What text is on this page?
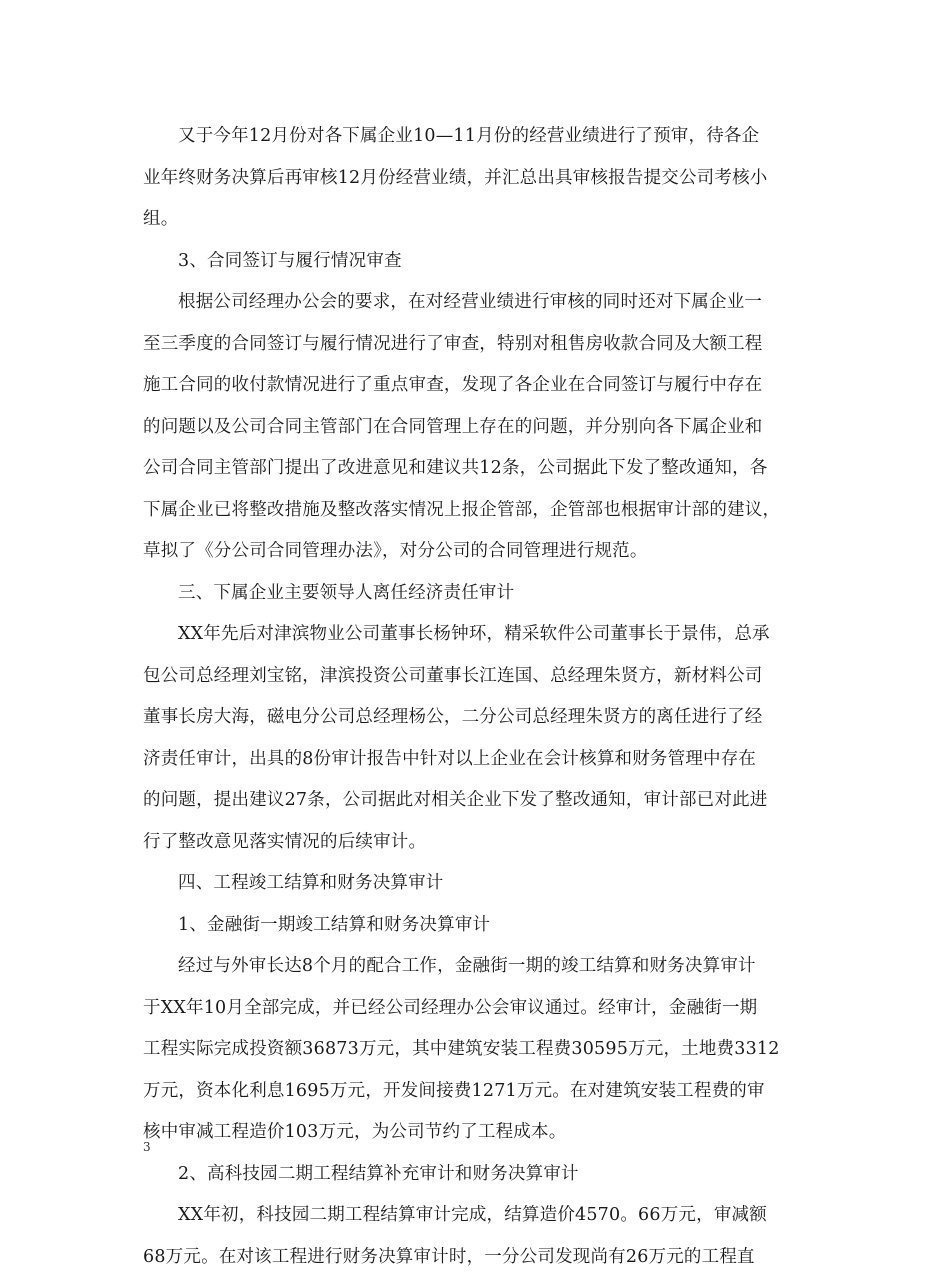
又于今年12月份对各下属企业10—11月份的经营业绩进行了预审，待各企
业年终财务决算后再审核12月份经营业绩，并汇总出具审核报告提交公司考核小
组。
3、合同签订与履行情况审查
根据公司经理办公会的要求，在对经营业绩进行审核的同时还对下属企业一
至三季度的合同签订与履行情况进行了审查，特别对租售房收款合同及大额工程
施工合同的收付款情况进行了重点审查，发现了各企业在合同签订与履行中存在
的问题以及公司合同主管部门在合同管理上存在的问题，并分别向各下属企业和
公司合同主管部门提出了改进意见和建议共12条，公司据此下发了整改通知，各
下属企业已将整改措施及整改落实情况上报企管部，企管部也根据审计部的建议，
草拟了《分公司合同管理办法》，对分公司的合同管理进行规范。
三、下属企业主要领导人离任经济责任审计
XX年先后对津滨物业公司董事长杨钟环，精采软件公司董事长于景伟，总承
包公司总经理刘宝铭，津滨投资公司董事长江连国、总经理朱贤方，新材料公司
董事长房大海，磁电分公司总经理杨公，二分公司总经理朱贤方的离任进行了经
济责任审计，出具的8份审计报告中针对以上企业在会计核算和财务管理中存在
的问题，提出建议27条，公司据此对相关企业下发了整改通知，审计部已对此进
行了整改意见落实情况的后续审计。
四、工程竣工结算和财务决算审计
1、金融街一期竣工结算和财务决算审计
经过与外审长达8个月的配合工作，金融街一期的竣工结算和财务决算审计
于XX年10月全部完成，并已经公司经理办公会审议通过。经审计，金融街一期
工程实际完成投资额36873万元，其中建筑安装工程费30595万元，土地费3312
万元，资本化利息1695万元，开发间接费1271万元。在对建筑安装工程费的审
核中审减工程造价103万元，为公司节约了工程成本。
2、高科技园二期工程结算补充审计和财务决算审计
XX年初，科技园二期工程结算审计完成，结算造价4570。66万元，审减额
68万元。在对该工程进行财务决算审计时，一分公司发现尚有26万元的工程直
3
